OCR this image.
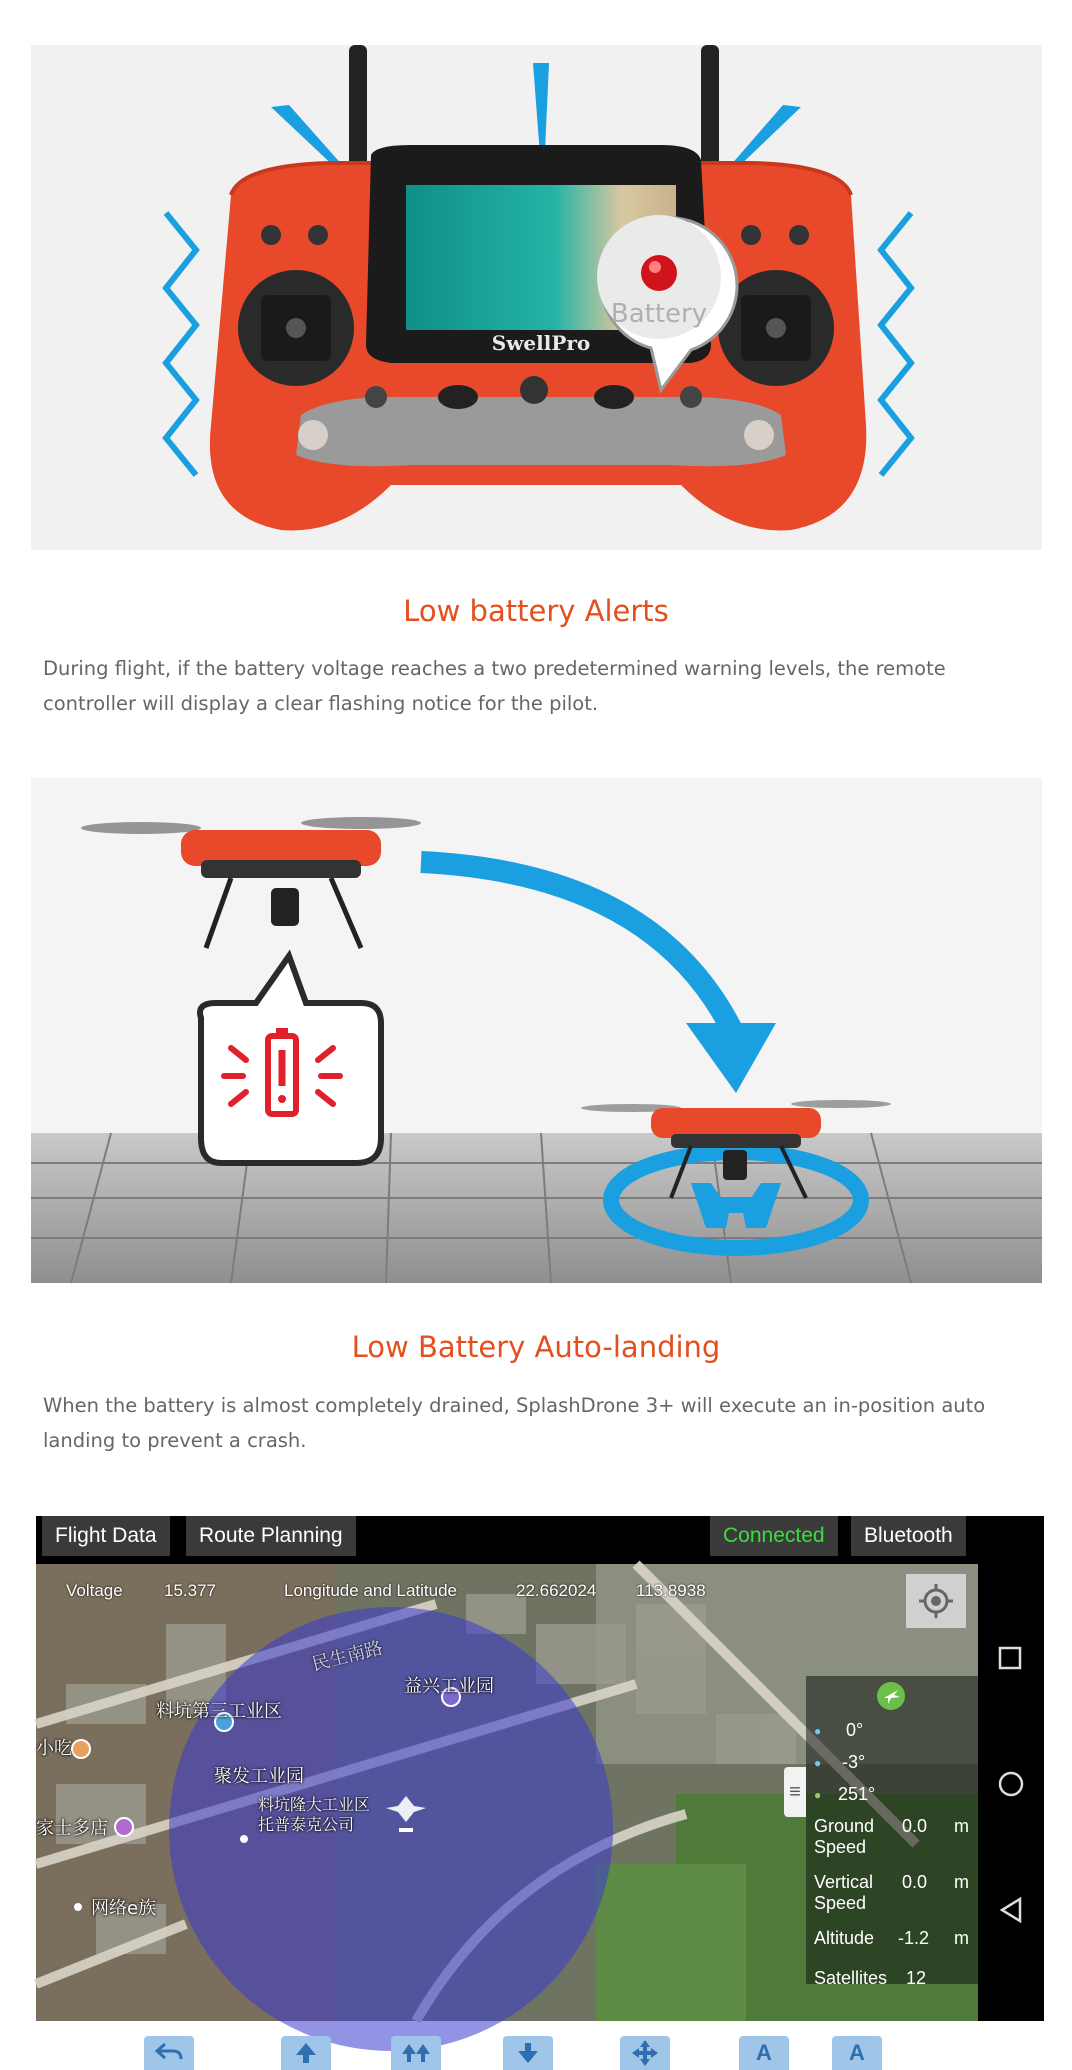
SwellPro
Battery
Low battery Alerts
During flight, if the battery voltage reaches a two predetermined warning levels, the remote controller will display a clear flashing notice for the pilot.
Low Battery Auto-landing
When the battery is almost completely drained, SplashDrone 3+ will execute an in-position auto landing to prevent a crash.
Voltage 15.377	Longitude and Latitude	22.662024 113.8938
民生南路
益兴工业园
料坑第三工业区
聚发工业园
料坑隆大工业区
托普泰克公司
小吃
家士多店
网络e族
≡
● 0°
● -3°
● 251°
Ground Speed
0.0 m
Vertical Speed
0.0 m
Altitude -1.2 m
Satellites 12
A	A
Flight Data	Route Planning	Connected	Bluetooth
